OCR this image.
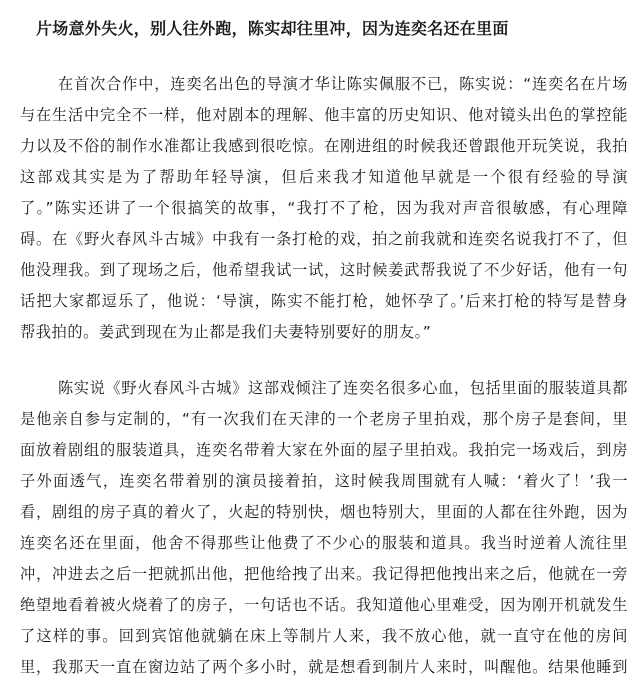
片场意外失火，别人往外跑，陈实却往里冲，因为连奕名还在里面
在首次合作中，连奕名出色的导演才华让陈实佩服不已，陈实说：“连奕名在片场
与在生活中完全不一样，他对剧本的理解、他丰富的历史知识、他对镜头出色的掌控能
力以及不俗的制作水准都让我感到很吃惊。在刚进组的时候我还曾跟他开玩笑说，我拍
这部戏其实是为了帮助年轻导演，但后来我才知道他早就是一个很有经验的导演
了。”陈实还讲了一个很搞笑的故事，“我打不了枪，因为我对声音很敏感，有心理障
碍。在《野火春风斗古城》中我有一条打枪的戏，拍之前我就和连奕名说我打不了，但
他没理我。到了现场之后，他希望我试一试，这时候姜武帮我说了不少好话，他有一句
话把大家都逗乐了，他说：‘导演，陈实不能打枪，她怀孕了。’后来打枪的特写是替身
帮我拍的。姜武到现在为止都是我们夫妻特别要好的朋友。”
陈实说《野火春风斗古城》这部戏倾注了连奕名很多心血，包括里面的服装道具都
是他亲自参与定制的，“有一次我们在天津的一个老房子里拍戏，那个房子是套间，里
面放着剧组的服装道具，连奕名带着大家在外面的屋子里拍戏。我拍完一场戏后，到房
子外面透气，连奕名带着别的演员接着拍，这时候我周围就有人喊：‘着火了！’我一
看，剧组的房子真的着火了，火起的特别快，烟也特别大，里面的人都在往外跑，因为
连奕名还在里面，他舍不得那些让他费了不少心的服装和道具。我当时逆着人流往里
冲，冲进去之后一把就抓出他，把他给拽了出来。我记得把他拽出来之后，他就在一旁
绝望地看着被火烧着了的房子，一句话也不话。我知道他心里难受，因为刚开机就发生
了这样的事。回到宾馆他就躺在床上等制片人来，我不放心他，就一直守在他的房间
里，我那天一直在窗边站了两个多小时，就是想看到制片人来时，叫醒他。结果他睡到
